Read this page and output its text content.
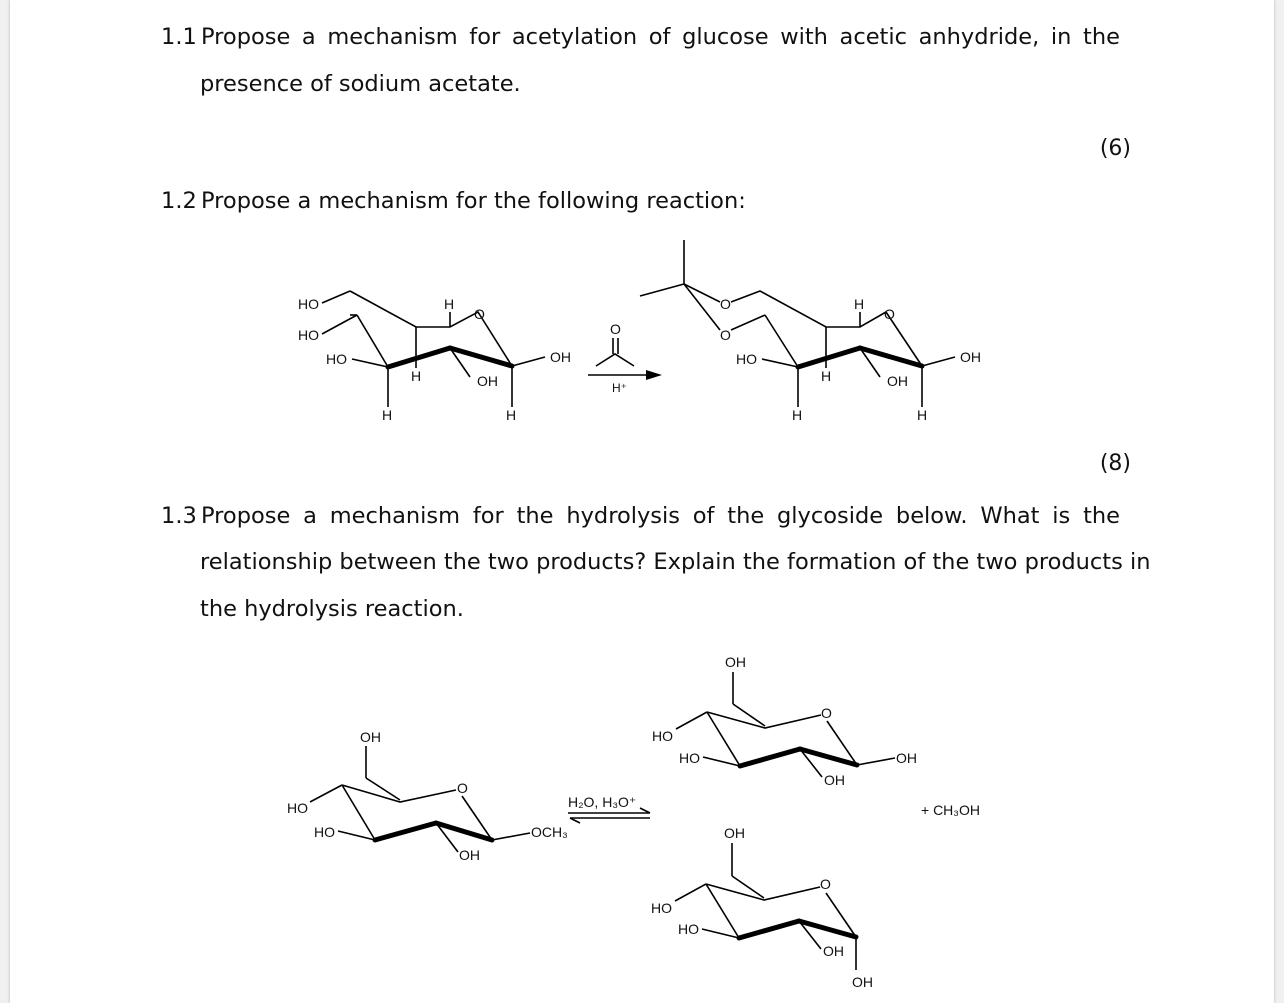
1.1 Propose a mechanism for acetylation of glucose with acetic anhydride, in the
presence of sodium acetate.
(6)
1.2 Propose a mechanism for the following reaction:
(8)
1.3 Propose a mechanism for the hydrolysis of the glycoside below. What is the
relationship between the two products? Explain the formation of the two products in
the hydrolysis reaction.
HO
HO
HO
O
H
H	OH
H	H
OH
O
H⁺
O
O
O
H
HO
H	OH
H	H
OH
OH
O
HO
HO
OH
OCH₃
H₂O, H₃O⁺
OH
O
HO
HO
OH
OH
OH
O
HO
HO
OH
OH
+ CH₃OH
